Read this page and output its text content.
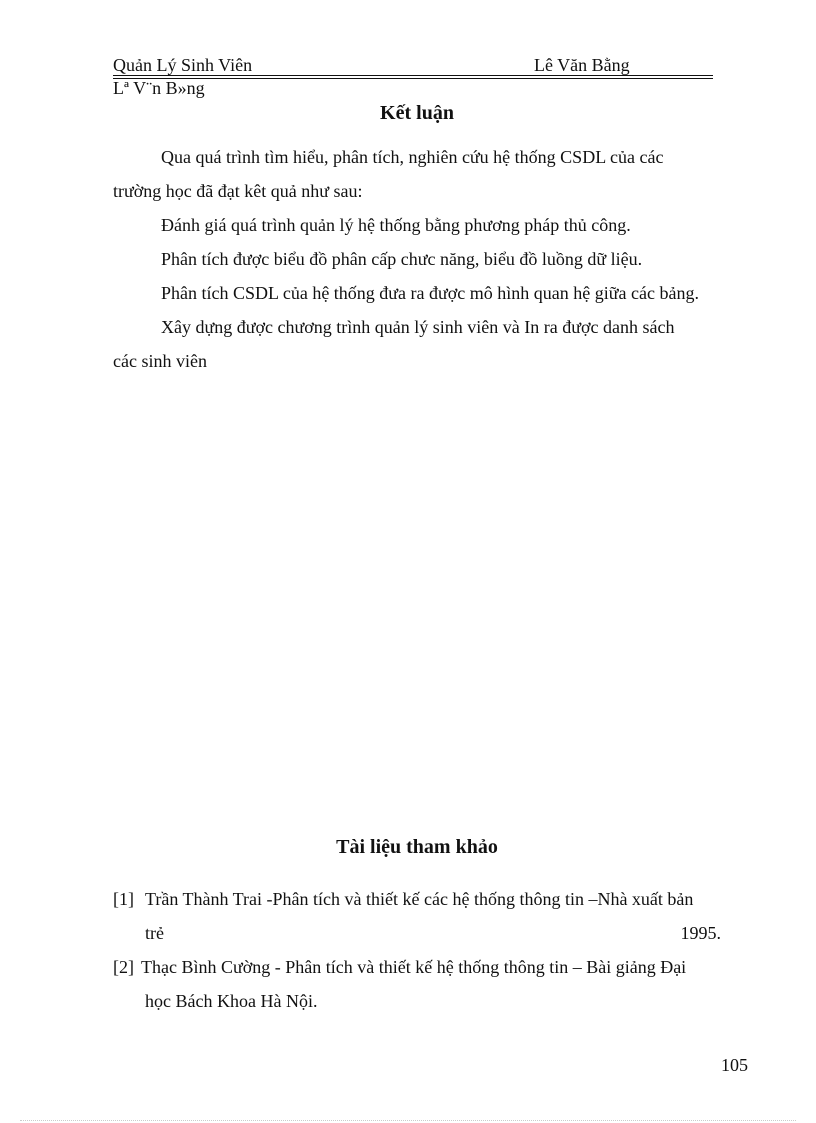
Quản Lý Sinh Viên	Lê Văn Bằng
Lª V¨n B»ng
Kết luận

Qua quá trình tìm hiểu, phân tích, nghiên cứu hệ thống CSDL của các

trường học đã đạt kêt quả như sau:

Đánh giá quá trình quản lý hệ thống bằng phương pháp thủ công.

Phân tích được biểu đồ phân cấp chưc năng, biểu đồ luồng dữ liệu.

Phân tích CSDL của hệ thống đưa ra được mô hình quan hệ giữa các bảng.

Xây dựng được chương trình quản lý sinh viên và In ra được danh sách

các sinh viên

Tài liệu tham khảo
[1] Trần Thành Trai -Phân tích và thiết kế các hệ thống thông tin –Nhà xuất bản
trẻ	1995.
[2] Thạc Bình Cường - Phân tích và thiết kế hệ thống thông tin – Bài giảng Đại
học Bách Khoa Hà Nội.
105
